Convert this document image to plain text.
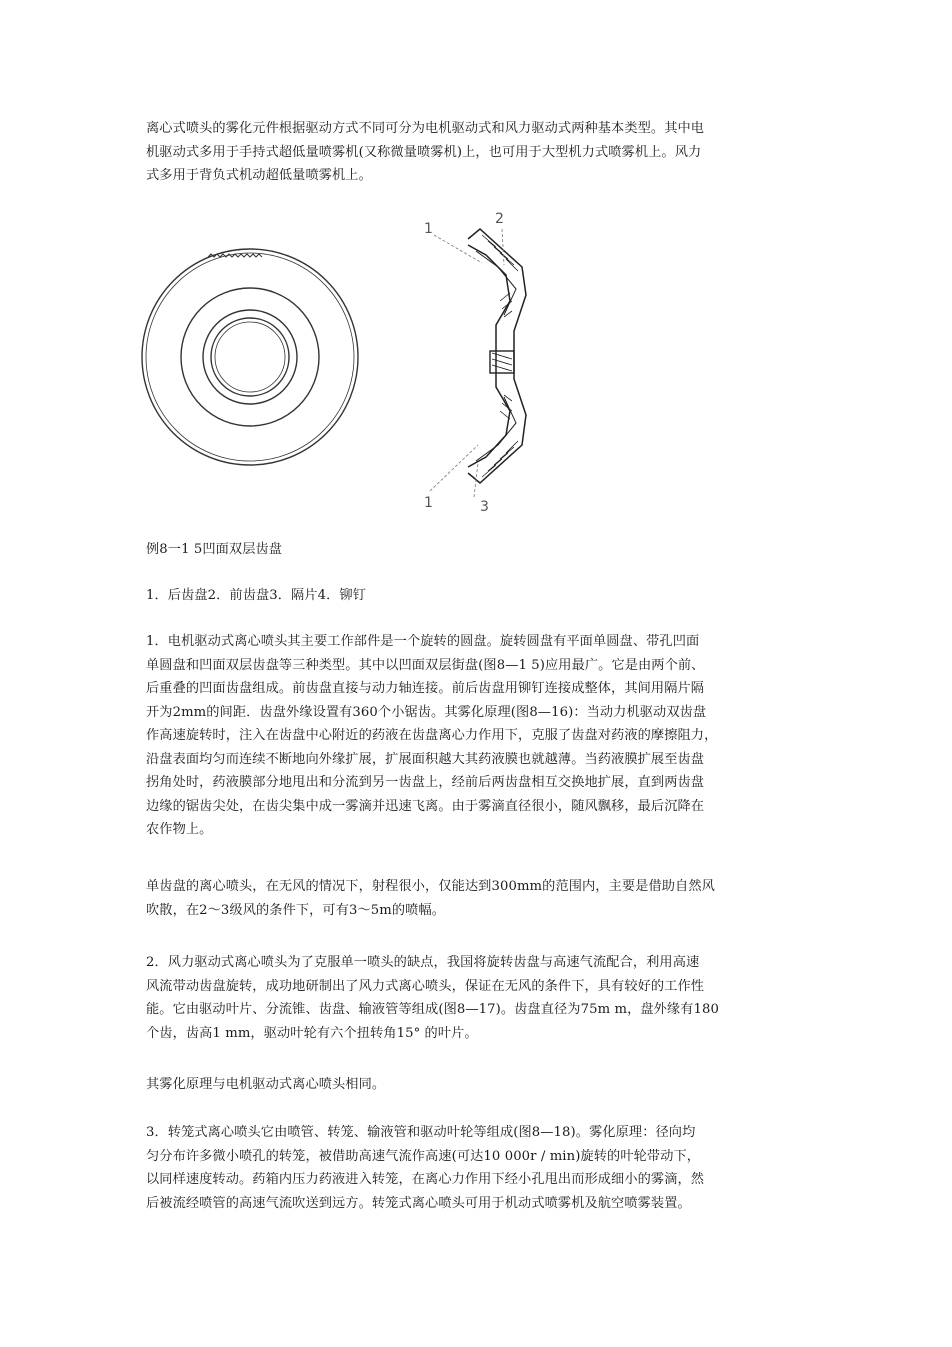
离心式喷头的雾化元件根据驱动方式不同可分为电机驱动式和风力驱动式两种基本类型。其中电
机驱动式多用于手持式超低量喷雾机(又称微量喷雾机)上，也可用于大型机力式喷雾机上。风力
式多用于背负式机动超低量喷雾机上。

1
2
1	3

例8一1 5凹面双层齿盘

1．后齿盘2．前齿盘3．隔片4．铆钉

1．电机驱动式离心喷头其主要工作部件是一个旋转的圆盘。旋转圆盘有平面单圆盘、带孔凹面
单圆盘和凹面双层齿盘等三种类型。其中以凹面双层街盘(图8—1 5)应用最广。它是由两个前、
后重叠的凹面齿盘组成。前齿盘直接与动力轴连接。前后齿盘用铆钉连接成整体，其间用隔片隔
开为2mm的间距．齿盘外缘设置有360个小锯齿。其雾化原理(图8—16)：当动力机驱动双齿盘
作高速旋转时，注入在齿盘中心附近的药液在齿盘离心力作用下，克服了齿盘对药液的摩擦阻力，
沿盘表面均匀而连续不断地向外缘扩展，扩展面积越大其药液膜也就越薄。当药液膜扩展至齿盘
拐角处时，药液膜部分地甩出和分流到另一齿盘上，经前后两齿盘相互交换地扩展，直到两齿盘
边缘的锯齿尖处，在齿尖集中成一雾滴并迅速飞离。由于雾滴直径很小，随风飘移，最后沉降在
农作物上。

单齿盘的离心喷头，在无风的情况下，射程很小，仅能达到300mm的范围内，主要是借助自然风
吹散，在2～3级风的条件下，可有3～5m的喷幅。

2．风力驱动式离心喷头为了克服单一喷头的缺点，我国将旋转齿盘与高速气流配合，利用高速
风流带动齿盘旋转，成功地研制出了风力式离心喷头，保证在无风的条件下，具有较好的工作性
能。它由驱动叶片、分流锥、齿盘、输液管等组成(图8—17)。齿盘直径为75m m，盘外缘有180
个齿，齿高1 mm，驱动叶轮有六个扭转角15° 的叶片。

其雾化原理与电机驱动式离心喷头相同。

3．转笼式离心喷头它由喷管、转笼、输液管和驱动叶轮等组成(图8—18)。雾化原理：径向均
匀分布许多微小喷孔的转笼，被借助高速气流作高速(可达10 000r / min)旋转的叶轮带动下，
以同样速度转动。药箱内压力药液进入转笼，在离心力作用下经小孔甩出而形成细小的雾滴，然
后被流经喷管的高速气流吹送到远方。转笼式离心喷头可用于机动式喷雾机及航空喷雾装置。
